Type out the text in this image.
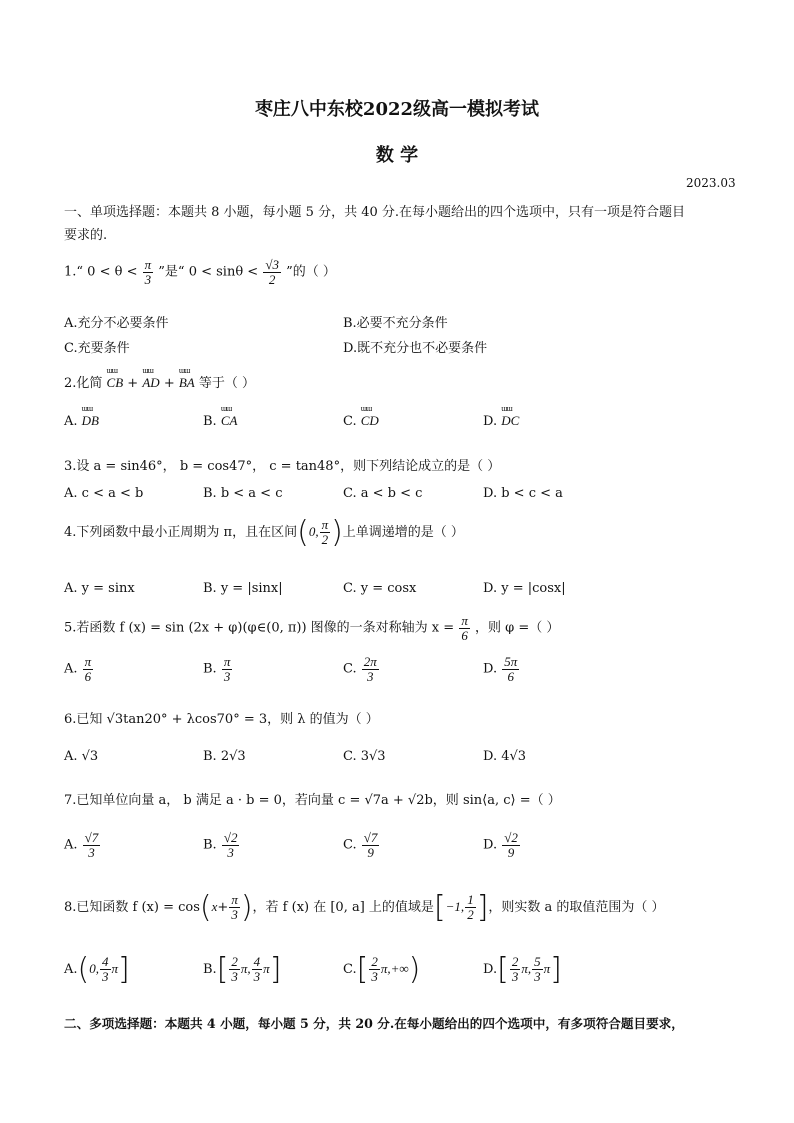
枣庄八中东校2022级高一模拟考试
数 学
2023.03
一、单项选择题：本题共 8 小题，每小题 5 分，共 40 分.在每小题给出的四个选项中，只有一项是符合题目
要求的.
1.“ $0 < \theta < \frac{\pi}{3}$ ”是“ $0 < \sin\theta < \frac{√3}{2}$ ”的（ ）
A.充分不必要条件	B.必要不充分条件
C.充要条件	D.既不充分也不必要条件
2.化简 ɯɯ CB + ɯɯ AD + ɯɯ BA 等于（ ）
A. ɯɯ DB	B. ɯɯ CA	C. ɯɯ CD	D. ɯɯ DC
3.设 a = sin46°， b = cos47°， c = tan48°，则下列结论成立的是（ ）
A. c < a < b	B. b < a < c	C. a < b < c	D. b < c < a
4.下列函数中最小正周期为 π，且在区间(0, $\frac{\pi}{2}$ )上单调递增的是（ ）
A. y = sinx	B. y = |sinx|	C. y = cosx	D. y = |cosx|
5.若函数 f (x) = sin (2x + φ)(φ∈(0, π)) 图像的一条对称轴为 $x = \frac{\pi}{6}$ ，则 φ =（ ）
A. $\frac{\pi}{6}$	B. $\frac{\pi}{3}$	C. $\frac{2\pi}{3}$	D. $\frac{5\pi}{6}$
6.已知 √3tan20° + λcos70° = 3，则 λ 的值为（ ）
A. √3	B. 2√3	C. 3√3	D. 4√3
7.已知单位向量 a， b 满足 a · b = 0，若向量 c = √7a + √2b，则 sin⟨a, c⟩ =（ ）
A. $\frac{√7}{3}$	B. $\frac{√2}{3}$	C. $\frac{√7}{9}$	D. $\frac{√2}{9}$
8.已知函数 f $(x) = \cos(x+ \frac{\pi}{3}$ )，若 f (x) 在 [0, a] 上的值域是[−1, $\frac{1}{2}$ ]，则实数 a 的取值范围为（ ）
A.(0, $\frac{4}{3} \pi$]	$B.[ \frac{2}{3} \pi$, $\frac{4}{3} \pi$]	$C.[ \frac{2}{3} \pi,+\infty)$	$D.[ \frac{2}{3} \pi$, $\frac{5}{3} \pi$]
二、多项选择题：本题共 4 小题，每小题 5 分，共 20 分.在每小题给出的四个选项中，有多项符合题目要求，
